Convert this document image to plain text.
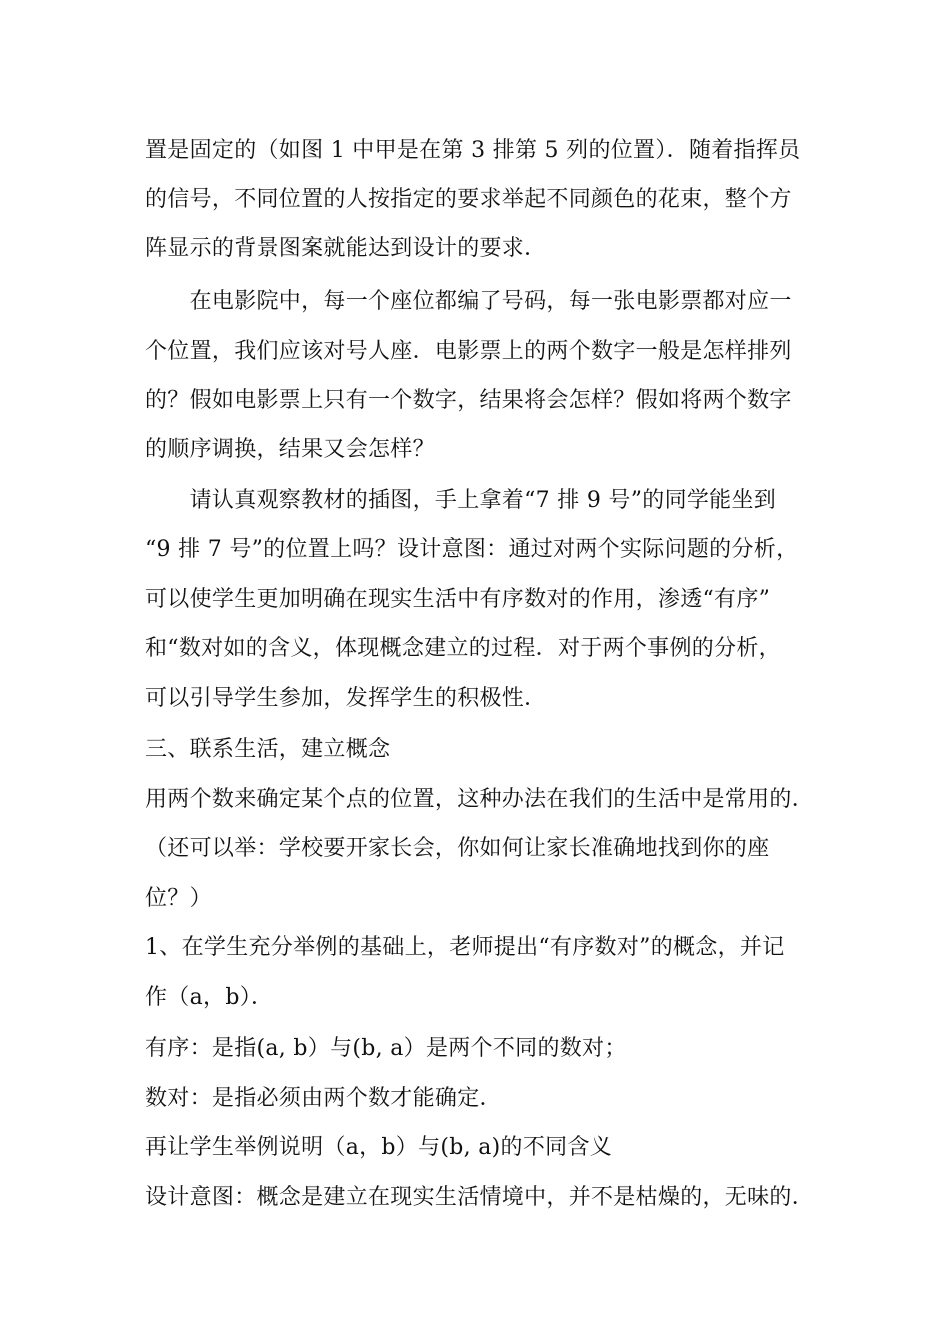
置是固定的（如图 1 中甲是在第 3 排第 5 列的位置）．随着指挥员
的信号，不同位置的人按指定的要求举起不同颜色的花束，整个方
阵显示的背景图案就能达到设计的要求．
　　在电影院中，每一个座位都编了号码，每一张电影票都对应一
个位置，我们应该对号人座．电影票上的两个数字一般是怎样排列
的？假如电影票上只有一个数字，结果将会怎样？假如将两个数字
的顺序调换，结果又会怎样？
　　请认真观察教材的插图，手上拿着“7 排 9 号”的同学能坐到
“9 排 7 号”的位置上吗？设计意图：通过对两个实际问题的分析，
可以使学生更加明确在现实生活中有序数对的作用，渗透“有序”
和“数对如的含义，体现概念建立的过程．对于两个事例的分析，
可以引导学生参加，发挥学生的积极性．
三、联系生活，建立概念
用两个数来确定某个点的位置，这种办法在我们的生活中是常用的．
（还可以举：学校要开家长会，你如何让家长准确地找到你的座
位？）
1、在学生充分举例的基础上，老师提出“有序数对”的概念，并记
作（a，b）．
有序：是指(a, b）与(b, a）是两个不同的数对；
数对：是指必须由两个数才能确定．
再让学生举例说明（a，b）与(b, a)的不同含义
设计意图：概念是建立在现实生活情境中，并不是枯燥的，无味的．
